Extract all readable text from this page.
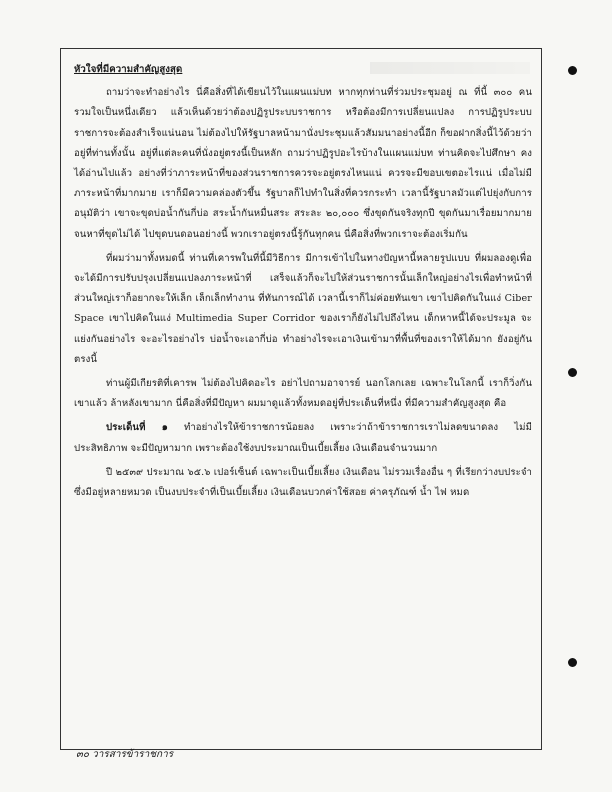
หัวใจที่มีความสำคัญสูงสุด
ถามว่าจะทำอย่างไร นี่คือสิ่งที่ได้เขียนไว้ในแผนแม่บท หากทุกท่านที่ร่วมประชุมอยู่ ณ ที่นี้ ๓๐๐ คน รวมใจเป็นหนึ่งเดียว แล้วเห็นด้วยว่าต้องปฏิรูประบบราชการ หรือต้องมีการเปลี่ยนแปลง การปฏิรูประบบราชการจะต้องสำเร็จแน่นอน ไม่ต้องไปให้รัฐบาลหน้ามานั่งประชุมแล้วสัมมนาอย่างนี้อีก ก็ขอฝากสิ่งนี้ไว้ด้วยว่า อยู่ที่ท่านทั้งนั้น อยู่ที่แต่ละคนที่นั่งอยู่ตรงนี้เป็นหลัก ถามว่าปฏิรูปอะไรบ้างในแผนแม่บท ท่านคิดจะไปศึกษา คงได้อ่านไปแล้ว อย่างที่ว่าภาระหน้าที่ของส่วนราชการควรจะอยู่ตรงไหนแน่ ควรจะมีขอบเขตอะไรแน่ เมื่อไม่มีภาระหน้าที่มากมาย เราก็มีความคล่องตัวขึ้น รัฐบาลก็ไปทำในสิ่งที่ควรกระทำ เวลานี้รัฐบาลมัวแต่ไปยุ่งกับการอนุมัติว่า เขาจะขุดบ่อน้ำกันกี่บ่อ สระน้ำกันหมื่นสระ สระละ ๒๐,๐๐๐ ซึ่งขุดกันจริงทุกปี ขุดกันมาเรื่อยมากมาย จนหาที่ขุดไม่ได้ ไปขุดบนดอนอย่างนี้ พวกเราอยู่ตรงนี้รู้กันทุกคน นี่คือสิ่งที่พวกเราจะต้องเริ่มกัน
ที่ผมว่ามาทั้งหมดนี้ ท่านที่เคารพในที่นี้มีวิธีการ มีการเข้าไปในทางปัญหานี้หลายรูปแบบ ที่ผมลองดูเพื่อจะได้มีการปรับปรุงเปลี่ยนแปลงภาระหน้าที่ เสร็จแล้วก็จะไปให้ส่วนราชการนั้นเล็กใหญ่อย่างไรเพื่อทำหน้าที่ ส่วนใหญ่เราก็อยากจะให้เล็ก เล็กเล็กทำงาน ที่ทันการณ์ได้ เวลานี้เราก็ไม่ค่อยทันเขา เขาไปคิดกันในแง่ Ciber Space เขาไปคิดในแง่ Multimedia Super Corridor ของเราก็ยังไม่ไปถึงไหน เด็กหาหนี้ได้จะประมูล จะแย่งกันอย่างไร จะอะไรอย่างไร บ่อน้ำจะเอากี่บ่อ ทำอย่างไรจะเอาเงินเข้ามาที่พื้นที่ของเราให้ได้มาก ยังอยู่กันตรงนี้
ท่านผู้มีเกียรติที่เคารพ ไม่ต้องไปคิดอะไร อย่าไปถามอาจารย์ นอกโลกเลย เฉพาะในโลกนี้ เราก็วิ่งกันเขาแล้ว ล้าหลังเขามาก นี่คือสิ่งที่มีปัญหา ผมมาดูแล้วทั้งหมดอยู่ที่ประเด็นที่หนึ่ง ที่มีความสำคัญสูงสุด คือ
ประเด็นที่ ๑ ทำอย่างไรให้ข้าราชการน้อยลง เพราะว่าถ้าข้าราชการเราไม่ลดขนาดลง ไม่มีประสิทธิภาพ จะมีปัญหามาก เพราะต้องใช้งบประมาณเป็นเบี้ยเลี้ยง เงินเดือนจำนวนมาก
ปี ๒๕๓๙ ประมาณ ๖๕.๖ เปอร์เซ็นต์ เฉพาะเป็นเบี้ยเลี้ยง เงินเดือน ไม่รวมเรื่องอื่น ๆ ที่เรียกว่างบประจำซึ่งมีอยู่หลายหมวด เป็นงบประจำที่เป็นเบี้ยเลี้ยง เงินเดือนบวกค่าใช้สอย ค่าครุภัณฑ์ น้ำ ไฟ หมด
๓๐ วารสารข้าราชการ
